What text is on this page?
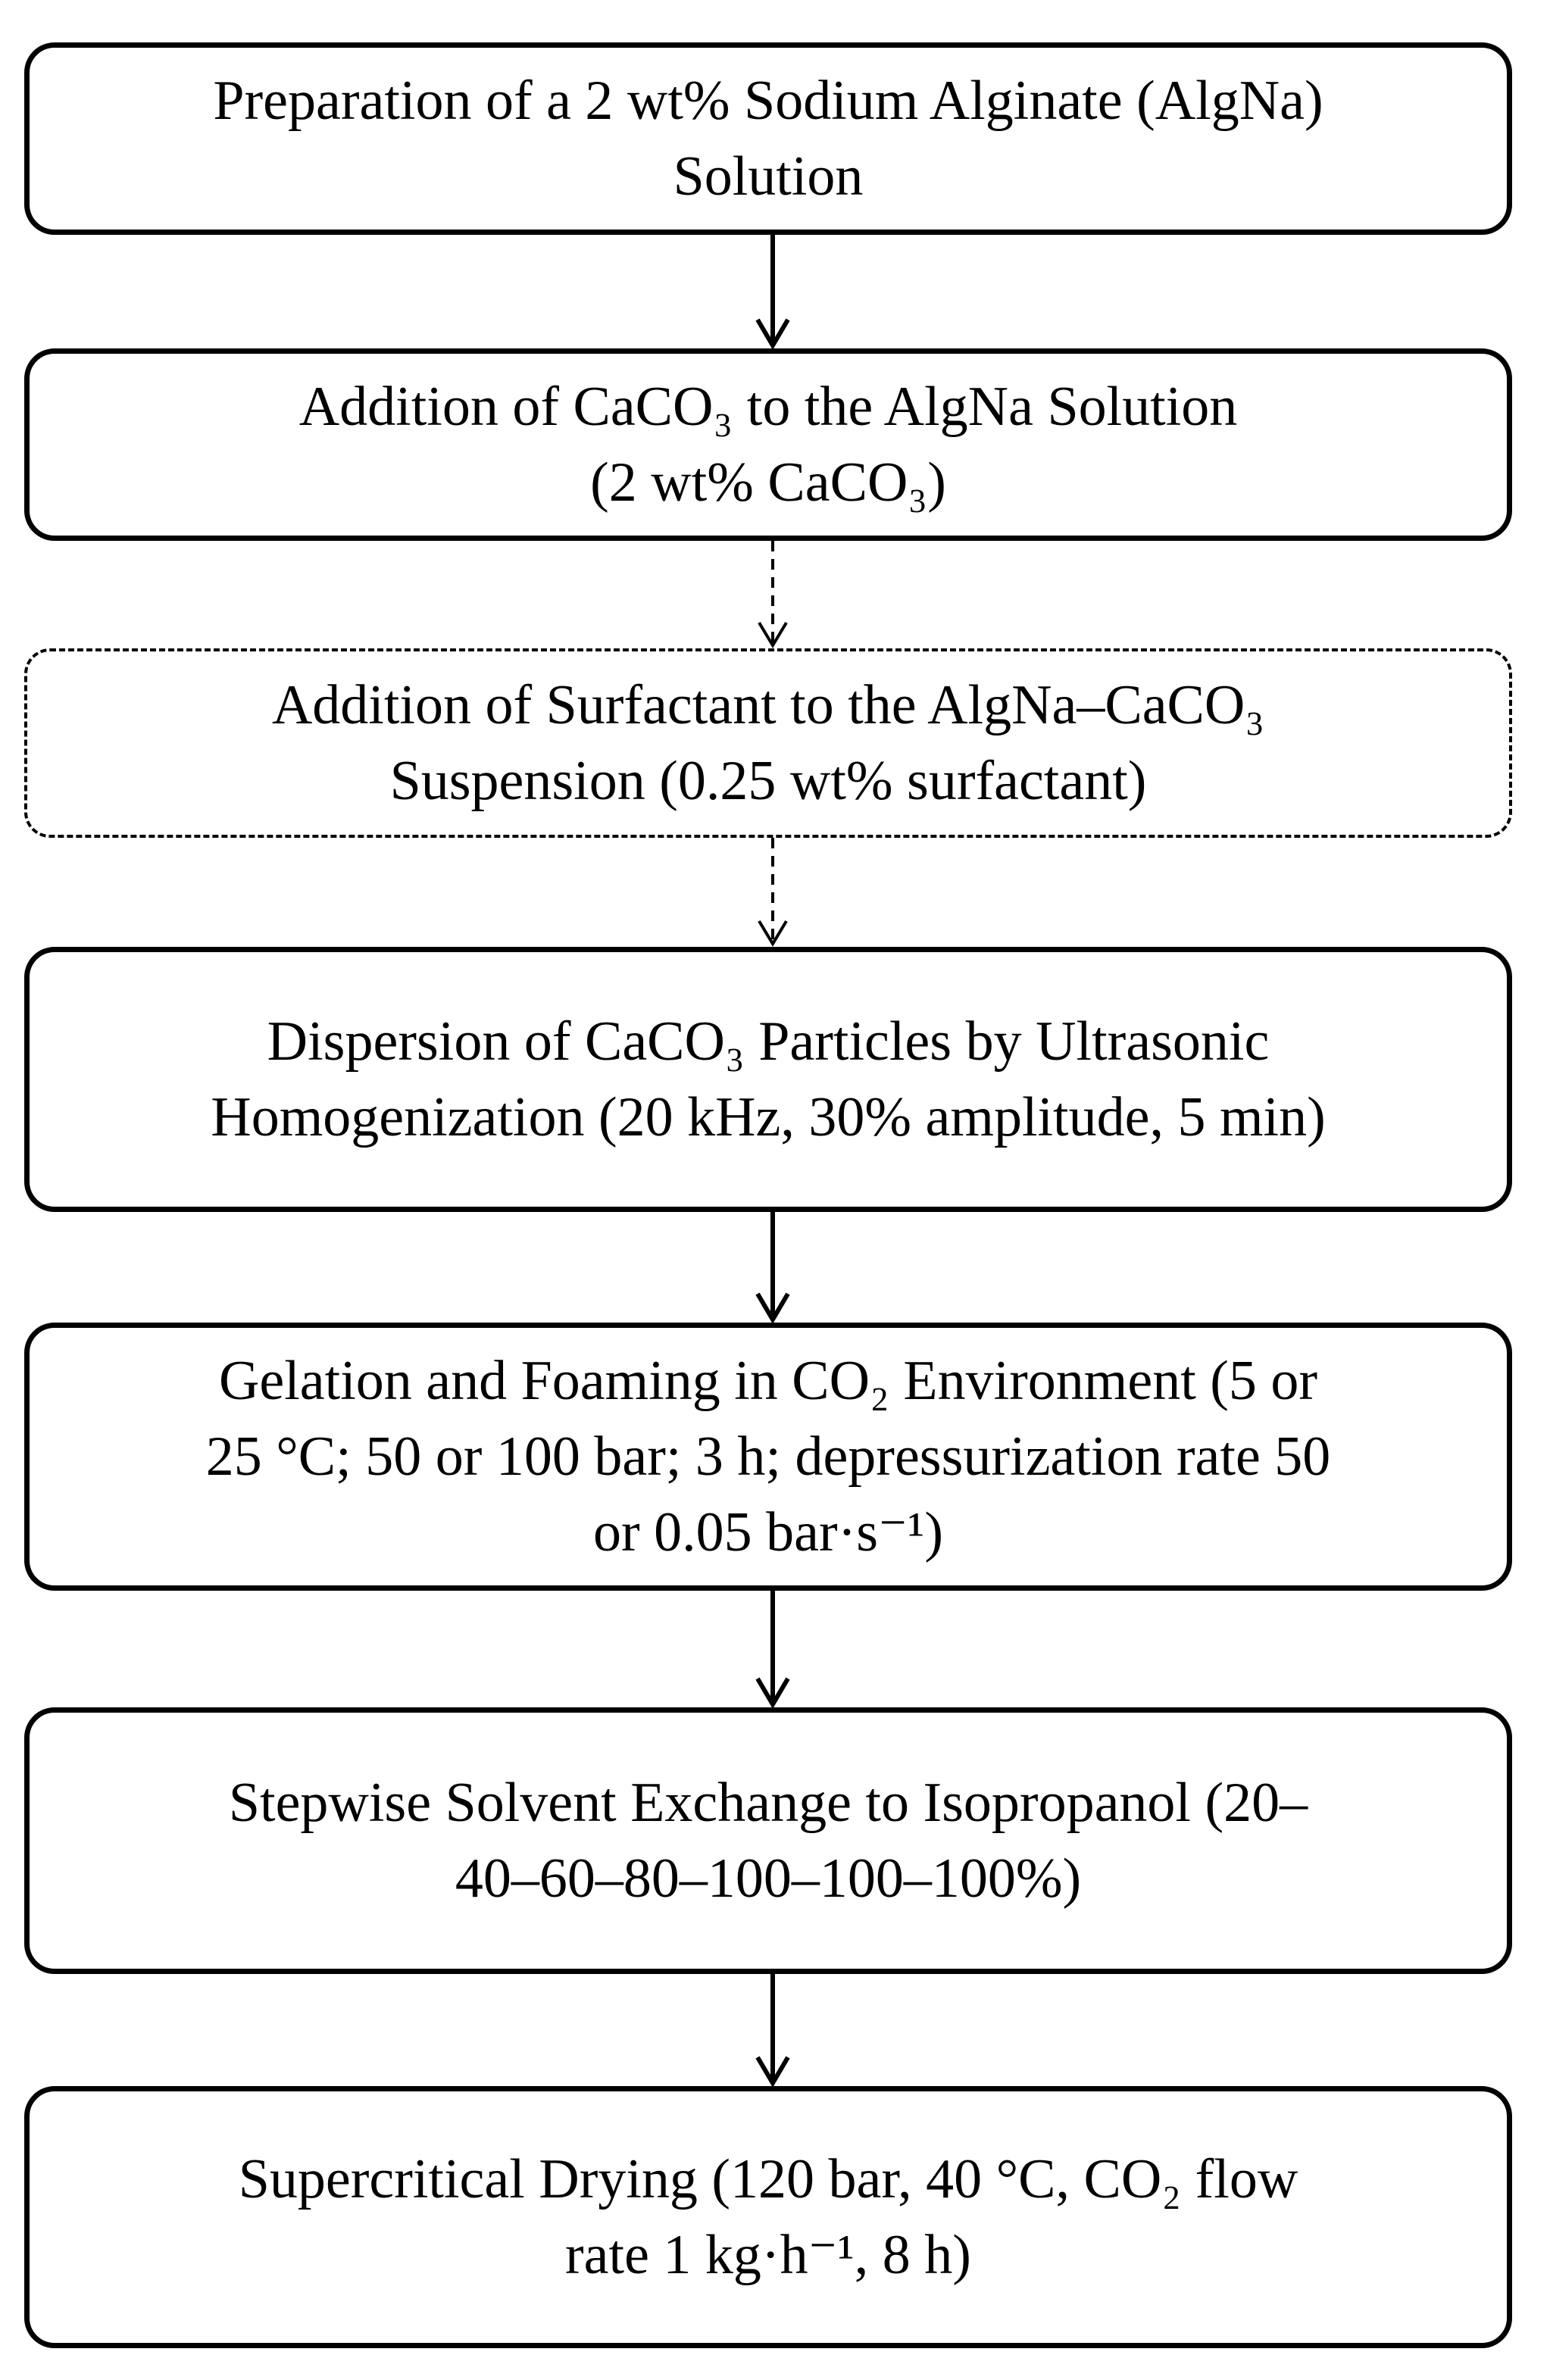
Preparation of a 2 wt% Sodium Alginate (AlgNa)
Solution
Addition of CaCO₃ to the AlgNa Solution
(2 wt% CaCO₃)
Addition of Surfactant to the AlgNa–CaCO₃
Suspension (0.25 wt% surfactant)
Dispersion of CaCO₃ Particles by Ultrasonic
Homogenization (20 kHz, 30% amplitude, 5 min)
Gelation and Foaming in CO₂ Environment (5 or
25 °C; 50 or 100 bar; 3 h; depressurization rate 50
or 0.05 bar·s⁻¹)
Stepwise Solvent Exchange to Isopropanol (20–
40–60–80–100–100–100%)
Supercritical Drying (120 bar, 40 °C, CO₂ flow
rate 1 kg·h⁻¹, 8 h)
